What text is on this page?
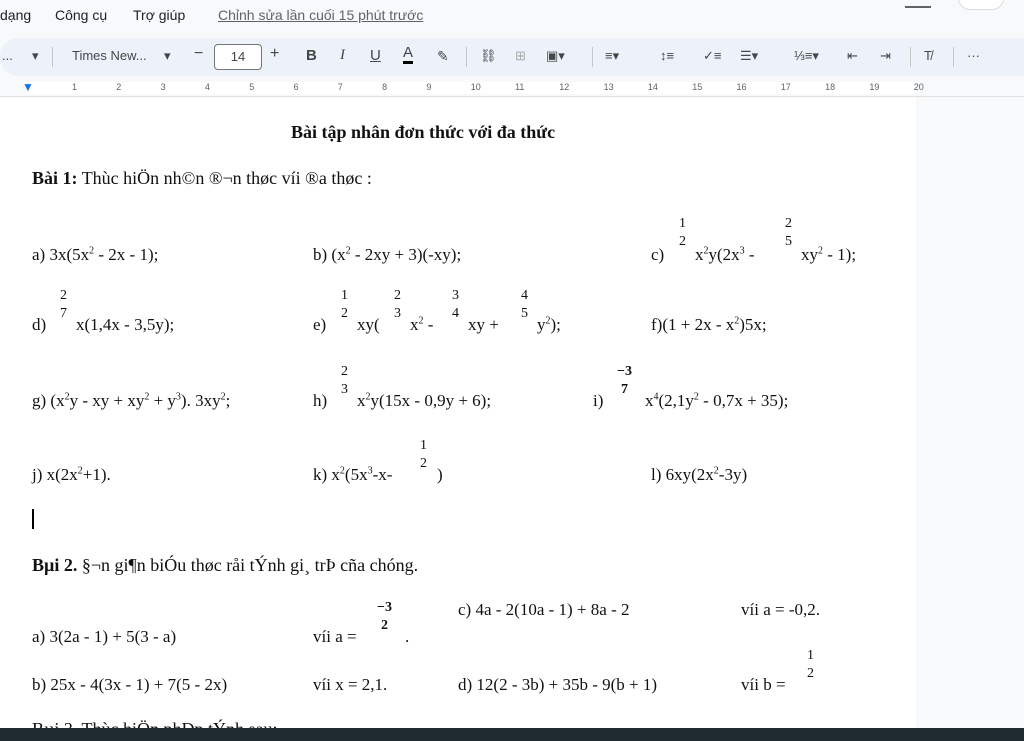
dạng Công cụ Trợ giúp Chỉnh sửa lần cuối 15 phút trước
... ▾	Times New... ▾ −	14	+ B I U A ✎ ⛓ ⊞ ▣▾	≡▾	↕≡ ✓≡ ☰▾	⅓≡▾ ⇤ ⇥	T̸	···
▼	1	2	3	4	5	6	7	8	9	10	11	12	13	14	15	16	17	18	19	20
Bài tập nhân đơn thức với đa thức
Bài 1: Thùc hiÖn nh©n ®¬n thøc víi ®a thøc :
a) $3x(5x^2 - 2x - 1)$;	b) $(x^2 - 2xy + 3)(-xy)$;	c)
1
2
$x^2y(2x^3$ -
2
5
$xy^2 - 1$);
d)
2
7
x(1,4x - 3,5y);	e)
1
2
xy(
2
3
$x^2$ -
3
4
xy +
4
5
$y^2$);	$f)(1 + 2x - x^2)5x$;
g) ($x^2y$ - xy + $xy^2 + y^3$). $3xy^2$;	h)
2
3
$x^2y(15x - 0,9y + 6)$;	i)
−3
7
$x^4(2,1y^2 - 0,7x + 35)$;
j) $x(2x^2+1)$.	k) $x^2(5x^3-x-$
1
2
)	l) $6xy(2x^2-3y)$
Bµi 2. §¬n gi¶n biÓu thøc råi tÝnh gi¸ trÞ cña chóng.
a) 3(2a - 1) + 5(3 - a)	víi a =
−3
2
.
c) 4a - 2(10a - 1) + 8a - 2	víi a = -0,2.
b) 25x - 4(3x - 1) + 7(5 - 2x)	víi x = 2,1.	d) 12(2 - 3b) + 35b - 9(b + 1)	víi b =
1
2
